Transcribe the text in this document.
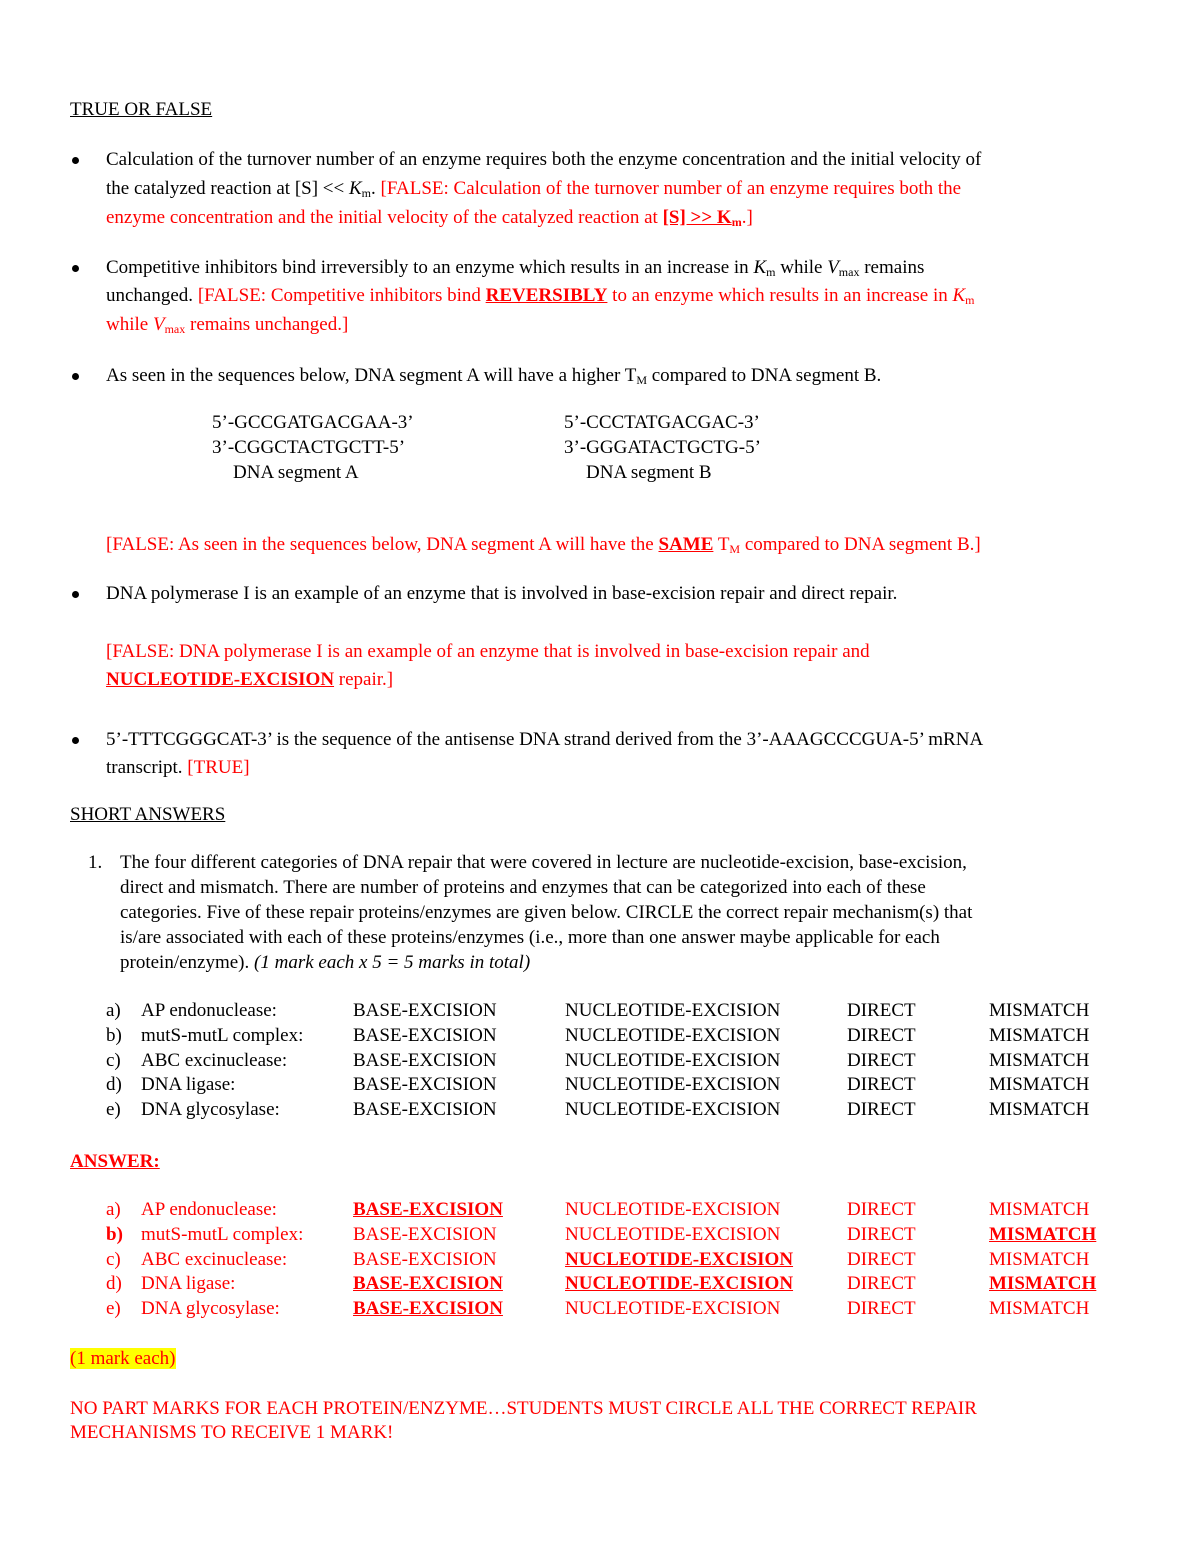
TRUE OR FALSE
Calculation of the turnover number of an enzyme requires both the enzyme concentration and the initial velocity of
the catalyzed reaction at $[S] << K_m$. [FALSE: Calculation of the turnover number of an enzyme requires both the
enzyme concentration and the initial velocity of the catalyzed reaction at $[S] >> K_m$.]
Competitive inhibitors bind irreversibly to an enzyme which results in an increase in $K_m$ while $V_{max}$ remains
unchanged. [FALSE: Competitive inhibitors bind REVERSIBLY to an enzyme which results in an increase in $K_m$
while $V_{max}$ remains unchanged.]
As seen in the sequences below, DNA segment A will have a higher $T_M$ compared to DNA segment B.
5’-GCCGATGACGAA-3’
3’-CGGCTACTGCTT-5’
DNA segment A
5’-CCCTATGACGAC-3’
3’-GGGATACTGCTG-5’
DNA segment B
[FALSE: As seen in the sequences below, DNA segment A will have the SAME $T_M$ compared to DNA segment B.]
DNA polymerase I is an example of an enzyme that is involved in base-excision repair and direct repair.
[FALSE: DNA polymerase I is an example of an enzyme that is involved in base-excision repair and
NUCLEOTIDE-EXCISION repair.]
5’-TTTCGGGCAT-3’ is the sequence of the antisense DNA strand derived from the 3’-AAAGCCCGUA-5’ mRNA
transcript. [TRUE]
SHORT ANSWERS
1. The four different categories of DNA repair that were covered in lecture are nucleotide-excision, base-excision,
direct and mismatch. There are number of proteins and enzymes that can be categorized into each of these
categories. Five of these repair proteins/enzymes are given below. CIRCLE the correct repair mechanism(s) that
is/are associated with each of these proteins/enzymes (i.e., more than one answer maybe applicable for each
protein/enzyme). (1 mark each x 5 = 5 marks in total)
a) AP endonuclease:	BASE-EXCISION	NUCLEOTIDE-EXCISION	DIRECT	MISMATCH
b) mutS-mutL complex:	BASE-EXCISION	NUCLEOTIDE-EXCISION	DIRECT	MISMATCH
c) ABC excinuclease:	BASE-EXCISION	NUCLEOTIDE-EXCISION	DIRECT	MISMATCH
d) DNA ligase:	BASE-EXCISION	NUCLEOTIDE-EXCISION	DIRECT	MISMATCH
e) DNA glycosylase:	BASE-EXCISION	NUCLEOTIDE-EXCISION	DIRECT	MISMATCH
ANSWER:
a) AP endonuclease:	BASE-EXCISION	NUCLEOTIDE-EXCISION	DIRECT	MISMATCH
b) mutS-mutL complex:	BASE-EXCISION	NUCLEOTIDE-EXCISION	DIRECT	MISMATCH
c) ABC excinuclease:	BASE-EXCISION	NUCLEOTIDE-EXCISION	DIRECT	MISMATCH
d) DNA ligase:	BASE-EXCISION	NUCLEOTIDE-EXCISION	DIRECT	MISMATCH
e) DNA glycosylase:	BASE-EXCISION	NUCLEOTIDE-EXCISION	DIRECT	MISMATCH
(1 mark each)
NO PART MARKS FOR EACH PROTEIN/ENZYME…STUDENTS MUST CIRCLE ALL THE CORRECT REPAIR
MECHANISMS TO RECEIVE 1 MARK!
